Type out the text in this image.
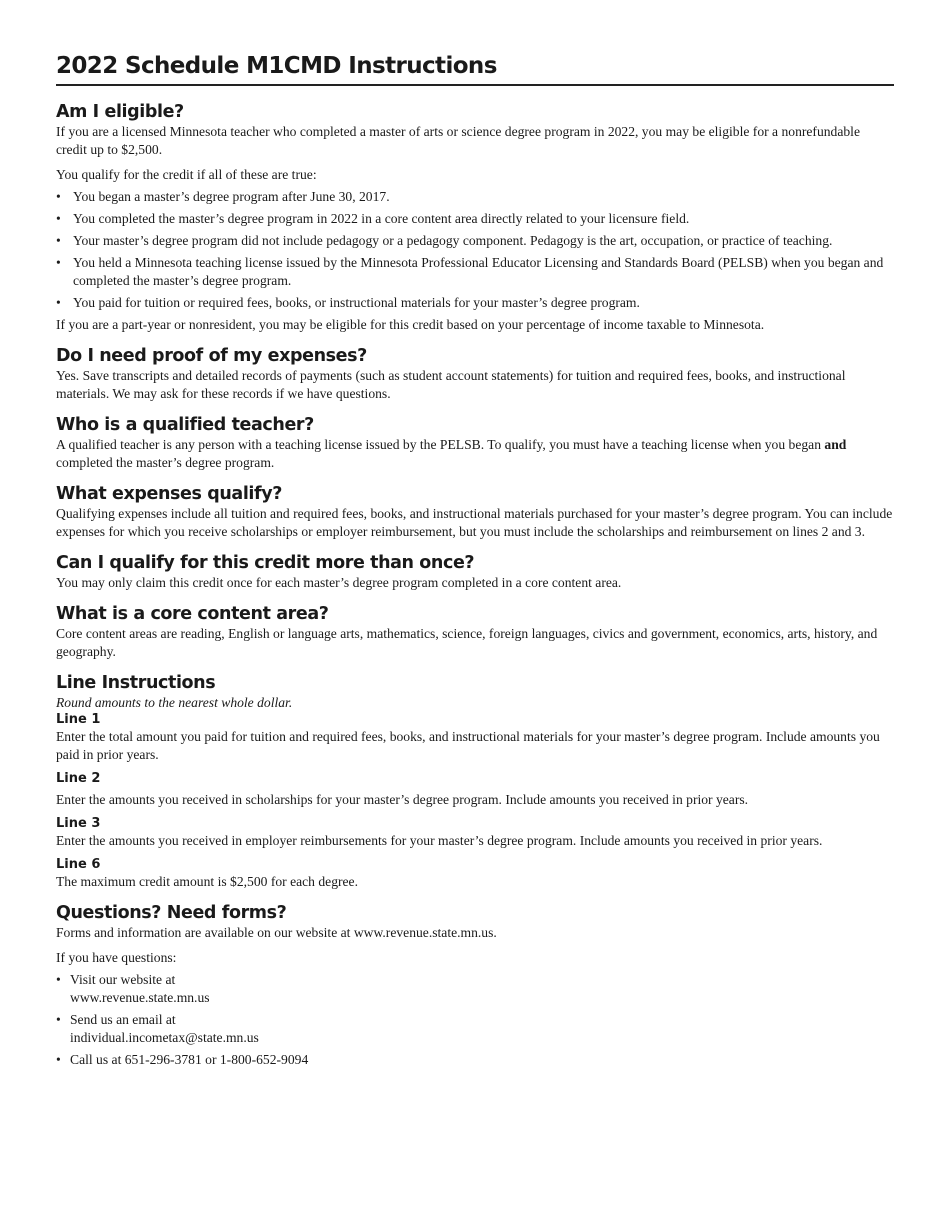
2022 Schedule M1CMD Instructions
Am I eligible?

If you are a licensed Minnesota teacher who completed a master of arts or science degree program in 2022, you may be eligible for a nonrefundable credit up to $2,500.

You qualify for the credit if all of these are true:

• You began a master’s degree program after June 30, 2017.
• You completed the master’s degree program in 2022 in a core content area directly related to your licensure field.
• Your master’s degree program did not include pedagogy or a pedagogy component. Pedagogy is the art, occupation, or practice of teaching.
• You held a Minnesota teaching license issued by the Minnesota Professional Educator Licensing and Standards Board (PELSB) when you began and completed the master’s degree program.
• You paid for tuition or required fees, books, or instructional materials for your master’s degree program.

If you are a part-year or nonresident, you may be eligible for this credit based on your percentage of income taxable to Minnesota.

Do I need proof of my expenses?

Yes. Save transcripts and detailed records of payments (such as student account statements) for tuition and required fees, books, and instructional materials. We may ask for these records if we have questions.

Who is a qualified teacher?

A qualified teacher is any person with a teaching license issued by the PELSB. To qualify, you must have a teaching license when you began and completed the master’s degree program.

What expenses qualify?

Qualifying expenses include all tuition and required fees, books, and instructional materials purchased for your master’s degree program. You can include expenses for which you receive scholarships or employer reimbursement, but you must include the scholarships and reimbursement on lines 2 and 3.

Can I qualify for this credit more than once?

You may only claim this credit once for each master’s degree program completed in a core content area.

What is a core content area?

Core content areas are reading, English or language arts, mathematics, science, foreign languages, civics and government, economics, arts, history, and geography.

Line Instructions

Round amounts to the nearest whole dollar.

Line 1

Enter the total amount you paid for tuition and required fees, books, and instructional materials for your master’s degree program. Include amounts you paid in prior years.

Line 2

Enter the amounts you received in scholarships for your master’s degree program. Include amounts you received in prior years.

Line 3

Enter the amounts you received in employer reimbursements for your master’s degree program. Include amounts you received in prior years.

Line 6

The maximum credit amount is $2,500 for each degree.

Questions? Need forms?

Forms and information are available on our website at www.revenue.state.mn.us.

If you have questions:

• Visit our website at
www.revenue.state.mn.us
• Send us an email at
individual.incometax@state.mn.us
• Call us at 651-296-3781 or 1-800-652-9094
